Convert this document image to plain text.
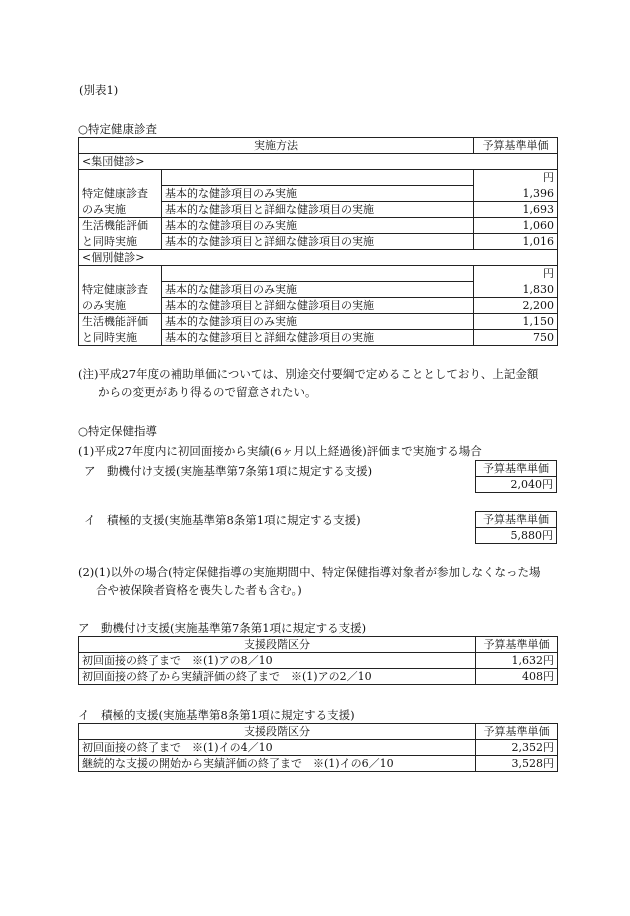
(別表1)
○特定健康診査
実施方法		予算基準単価
<集団健診>		
		円
特定健康診査	基本的な健診項目のみ実施	1,396
のみ実施	基本的な健診項目と詳細な健診項目の実施	1,693
生活機能評価	基本的な健診項目のみ実施	1,060
と同時実施	基本的な健診項目と詳細な健診項目の実施	1,016
<個別健診>		
		円
特定健康診査	基本的な健診項目のみ実施	1,830
のみ実施	基本的な健診項目と詳細な健診項目の実施	2,200
生活機能評価	基本的な健診項目のみ実施	1,150
と同時実施	基本的な健診項目と詳細な健診項目の実施	750
(注)平成27年度の補助単価については、別途交付要綱で定めることとしており、上記金額
からの変更があり得るので留意されたい。
○特定保健指導
(1)平成27年度内に初回面接から実績(6ヶ月以上経過後)評価まで実施する場合
ア　動機付け支援(実施基準第7条第1項に規定する支援)	予算基準単価
2,040円
イ　積極的支援(実施基準第8条第1項に規定する支援)	予算基準単価
5,880円
(2)(1)以外の場合(特定保健指導の実施期間中、特定保健指導対象者が参加しなくなった場
合や被保険者資格を喪失した者も含む。)
ア　動機付け支援(実施基準第7条第1項に規定する支援)
支援段階区分	予算基準単価
初回面接の終了まで　※(1)アの8／10	1,632円
初回面接の終了から実績評価の終了まで　※(1)アの2／10	408円
イ　積極的支援(実施基準第8条第1項に規定する支援)
支援段階区分	予算基準単価
初回面接の終了まで　※(1)イの4／10	2,352円
継続的な支援の開始から実績評価の終了まで　※(1)イの6／10	3,528円
